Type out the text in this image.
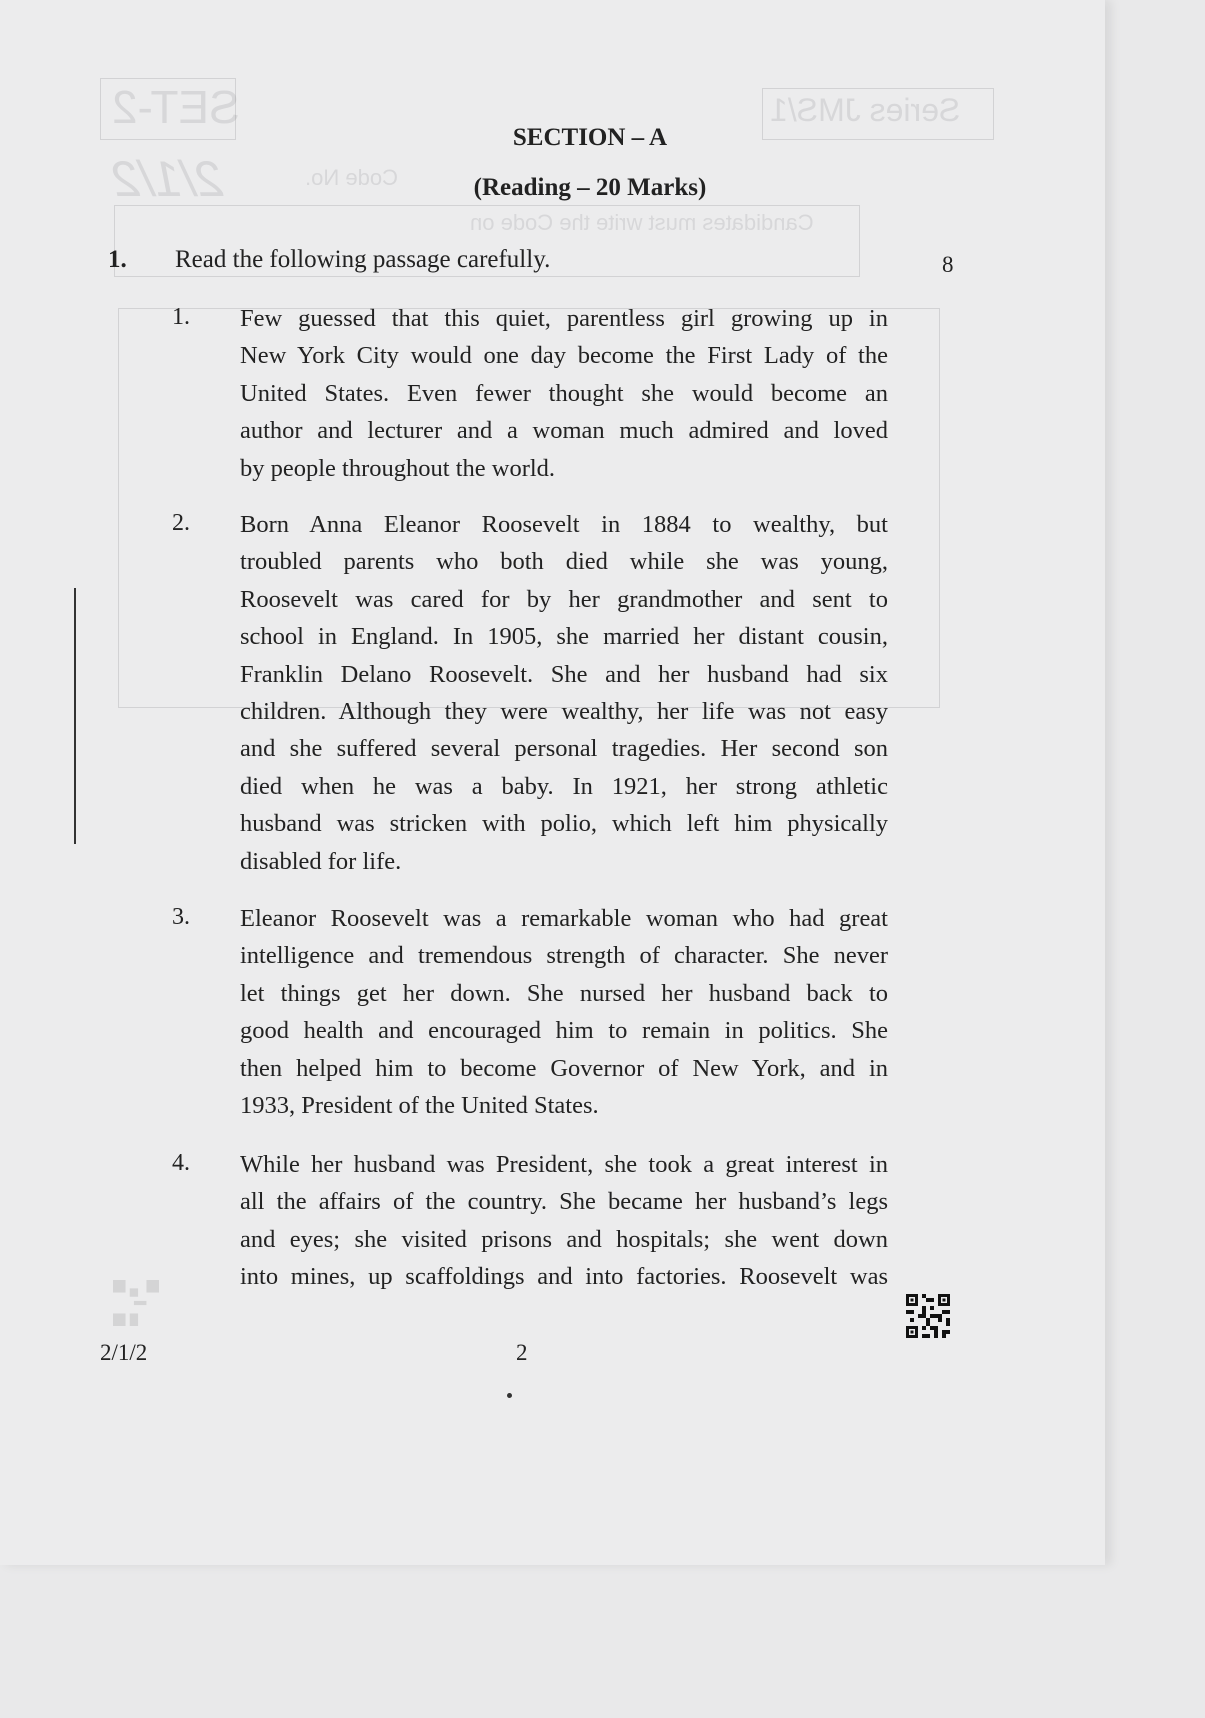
SET-2	Series JMS/1
2/1/2	Code No.
Candidates must write the Code on
SECTION – A
(Reading – 20 Marks)
1. Read the following passage carefully.	8
1. Few guessed that this quiet, parentless girl growing up in
New York City would one day become the First Lady of the
United States. Even fewer thought she would become an
author and lecturer and a woman much admired and loved
by people throughout the world.
2. Born Anna Eleanor Roosevelt in 1884 to wealthy, but
troubled parents who both died while she was young,
Roosevelt was cared for by her grandmother and sent to
school in England. In 1905, she married her distant cousin,
Franklin Delano Roosevelt. She and her husband had six
children. Although they were wealthy, her life was not easy
and she suffered several personal tragedies. Her second son
died when he was a baby. In 1921, her strong athletic
husband was stricken with polio, which left him physically
disabled for life.
3. Eleanor Roosevelt was a remarkable woman who had great
intelligence and tremendous strength of character. She never
let things get her down. She nursed her husband back to
good health and encouraged him to remain in politics. She
then helped him to become Governor of New York, and in
1933, President of the United States.
4. While her husband was President, she took a great interest in
all the affairs of the country. She became her husband’s legs
and eyes; she visited prisons and hospitals; she went down
into mines, up scaffoldings and into factories. Roosevelt was
2/1/2	2
